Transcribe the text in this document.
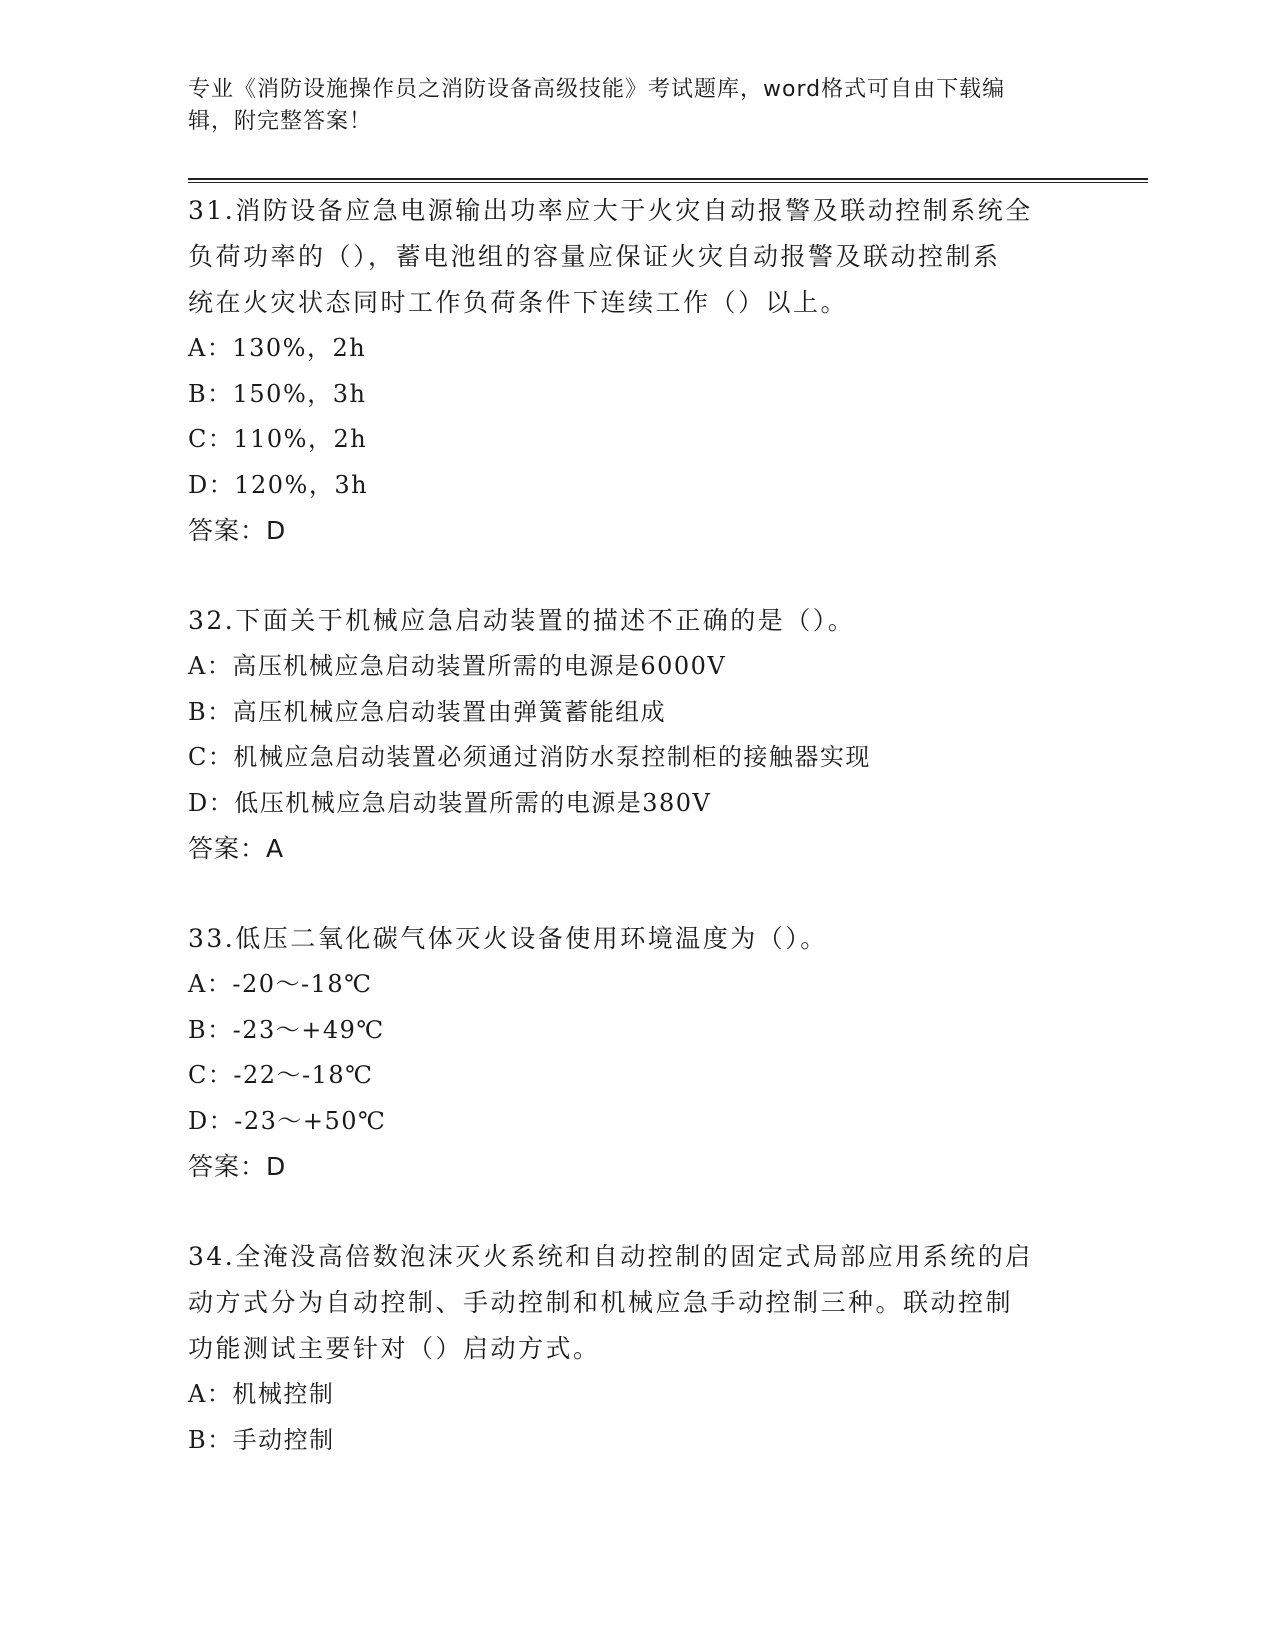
专业《消防设施操作员之消防设备高级技能》考试题库，word格式可自由下载编
辑，附完整答案！

31.消防设备应急电源输出功率应大于火灾自动报警及联动控制系统全

负荷功率的（），蓄电池组的容量应保证火灾自动报警及联动控制系

统在火灾状态同时工作负荷条件下连续工作（）以上。

A：130%，2h

B：150%，3h

C：110%，2h

D：120%，3h

答案：D

32.下面关于机械应急启动装置的描述不正确的是（）。

A：高压机械应急启动装置所需的电源是6000V

B：高压机械应急启动装置由弹簧蓄能组成

C：机械应急启动装置必须通过消防水泵控制柜的接触器实现

D：低压机械应急启动装置所需的电源是380V

答案：A

33.低压二氧化碳气体灭火设备使用环境温度为（）。

A：-20～-18℃

B：-23～+49℃

C：-22～-18℃

D：-23～+50℃

答案：D

34.全淹没高倍数泡沫灭火系统和自动控制的固定式局部应用系统的启

动方式分为自动控制、手动控制和机械应急手动控制三种。联动控制

功能测试主要针对（）启动方式。

A：机械控制

B：手动控制
